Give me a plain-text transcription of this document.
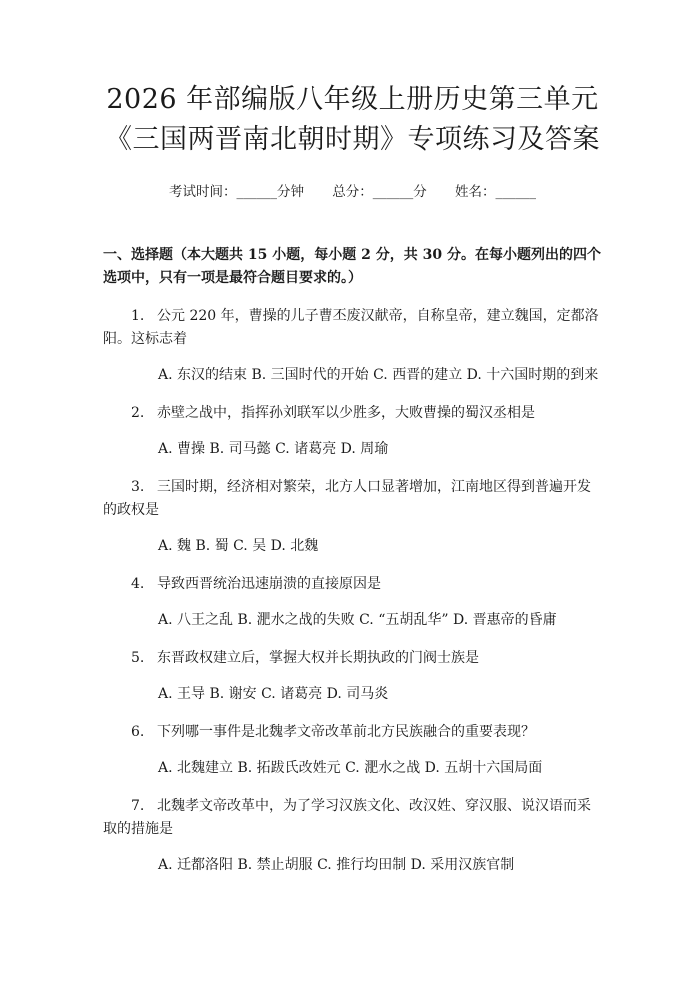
2026 年部编版八年级上册历史第三单元《三国两晋南北朝时期》专项练习及答案
考试时间：______分钟 总分：______分 姓名：______
一、选择题（本大题共 15 小题，每小题 2 分，共 30 分。在每小题列出的四个选项中，只有一项是最符合题目要求的。）
1. 公元 220 年，曹操的儿子曹丕废汉献帝，自称皇帝，建立魏国，定都洛阳。这标志着
A. 东汉的结束 B. 三国时代的开始 C. 西晋的建立 D. 十六国时期的到来
2. 赤壁之战中，指挥孙刘联军以少胜多，大败曹操的蜀汉丞相是
A. 曹操 B. 司马懿 C. 诸葛亮 D. 周瑜
3. 三国时期，经济相对繁荣，北方人口显著增加，江南地区得到普遍开发的政权是
A. 魏 B. 蜀 C. 吴 D. 北魏
4. 导致西晋统治迅速崩溃的直接原因是
A. 八王之乱 B. 淝水之战的失败 C. “五胡乱华” D. 晋惠帝的昏庸
5. 东晋政权建立后，掌握大权并长期执政的门阀士族是
A. 王导 B. 谢安 C. 诸葛亮 D. 司马炎
6. 下列哪一事件是北魏孝文帝改革前北方民族融合的重要表现？
A. 北魏建立 B. 拓跋氏改姓元 C. 淝水之战 D. 五胡十六国局面
7. 北魏孝文帝改革中，为了学习汉族文化、改汉姓、穿汉服、说汉语而采取的措施是
A. 迁都洛阳 B. 禁止胡服 C. 推行均田制 D. 采用汉族官制
